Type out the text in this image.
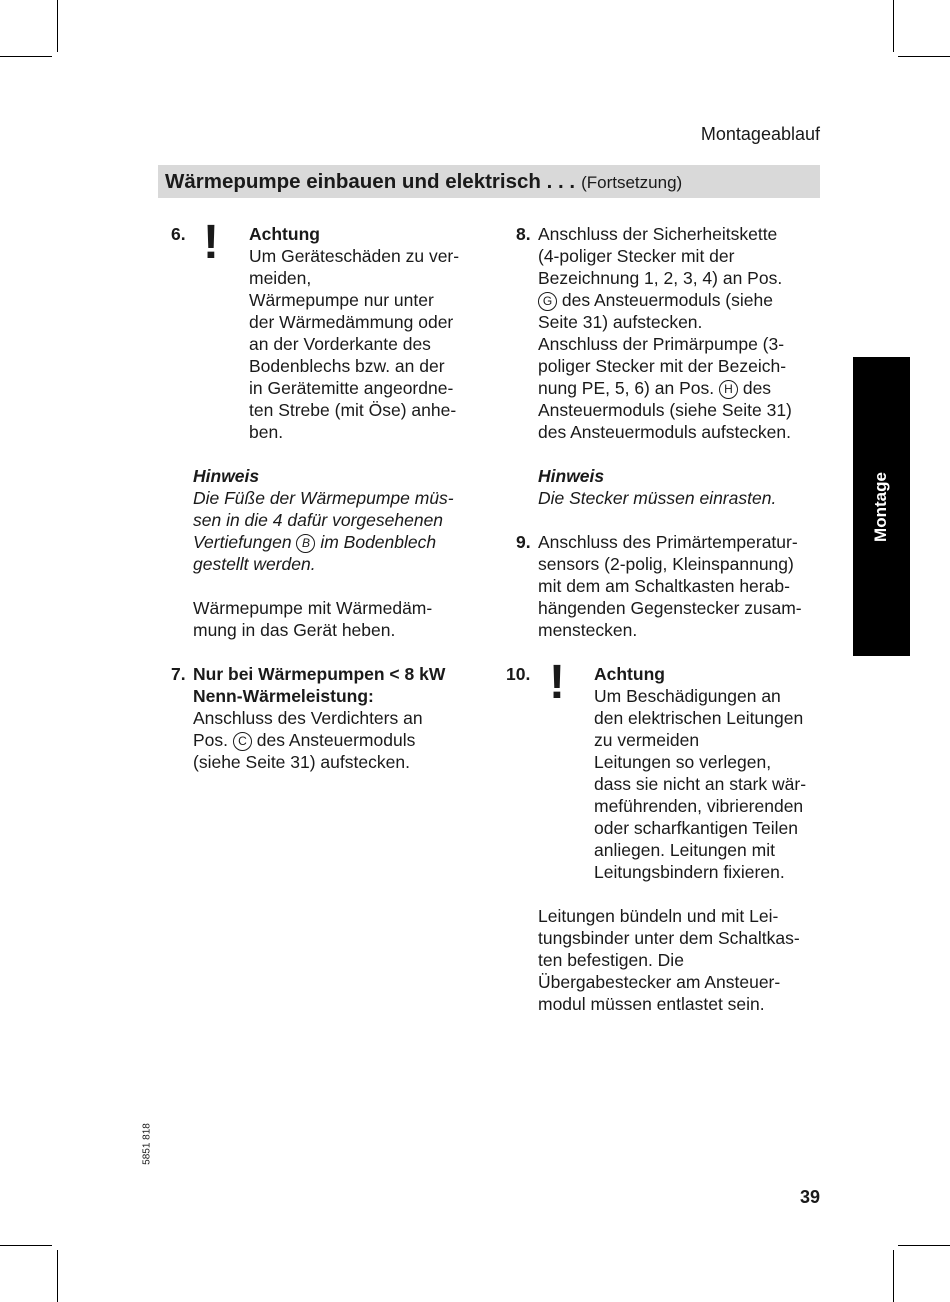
Montageablauf
Wärmepumpe einbauen und elektrisch . . . (Fortsetzung)
Montage
6. ! Achtung
Um Geräteschäden zu ver-
meiden,
Wärmepumpe nur unter
der Wärmedämmung oder
an der Vorderkante des
Bodenblechs bzw. an der
in Gerätemitte angeordne-
ten Strebe (mit Öse) anhe-
ben.
Hinweis
Die Füße der Wärmepumpe müs-
sen in die 4 dafür vorgesehenen
Vertiefungen B im Bodenblech
gestellt werden.
Wärmepumpe mit Wärmedäm-
mung in das Gerät heben.
7. Nur bei Wärmepumpen < 8 kW
Nenn-Wärmeleistung:
Anschluss des Verdichters an
Pos. C des Ansteuermoduls
(siehe Seite 31) aufstecken.
8. Anschluss der Sicherheitskette
(4-poliger Stecker mit der
Bezeichnung 1, 2, 3, 4) an Pos.
G des Ansteuermoduls (siehe
Seite 31) aufstecken.
Anschluss der Primärpumpe (3-
poliger Stecker mit der Bezeich-
nung PE, 5, 6) an Pos. H des
Ansteuermoduls (siehe Seite 31)
des Ansteuermoduls aufstecken.
Hinweis
Die Stecker müssen einrasten.
9. Anschluss des Primärtemperatur-
sensors (2-polig, Kleinspannung)
mit dem am Schaltkasten herab-
hängenden Gegenstecker zusam-
menstecken.
10. ! Achtung
Um Beschädigungen an
den elektrischen Leitungen
zu vermeiden
Leitungen so verlegen,
dass sie nicht an stark wär-
meführenden, vibrierenden
oder scharfkantigen Teilen
anliegen. Leitungen mit
Leitungsbindern fixieren.
Leitungen bündeln und mit Lei-
tungsbinder unter dem Schaltkas-
ten befestigen. Die
Übergabestecker am Ansteuer-
modul müssen entlastet sein.
5851 818
39
